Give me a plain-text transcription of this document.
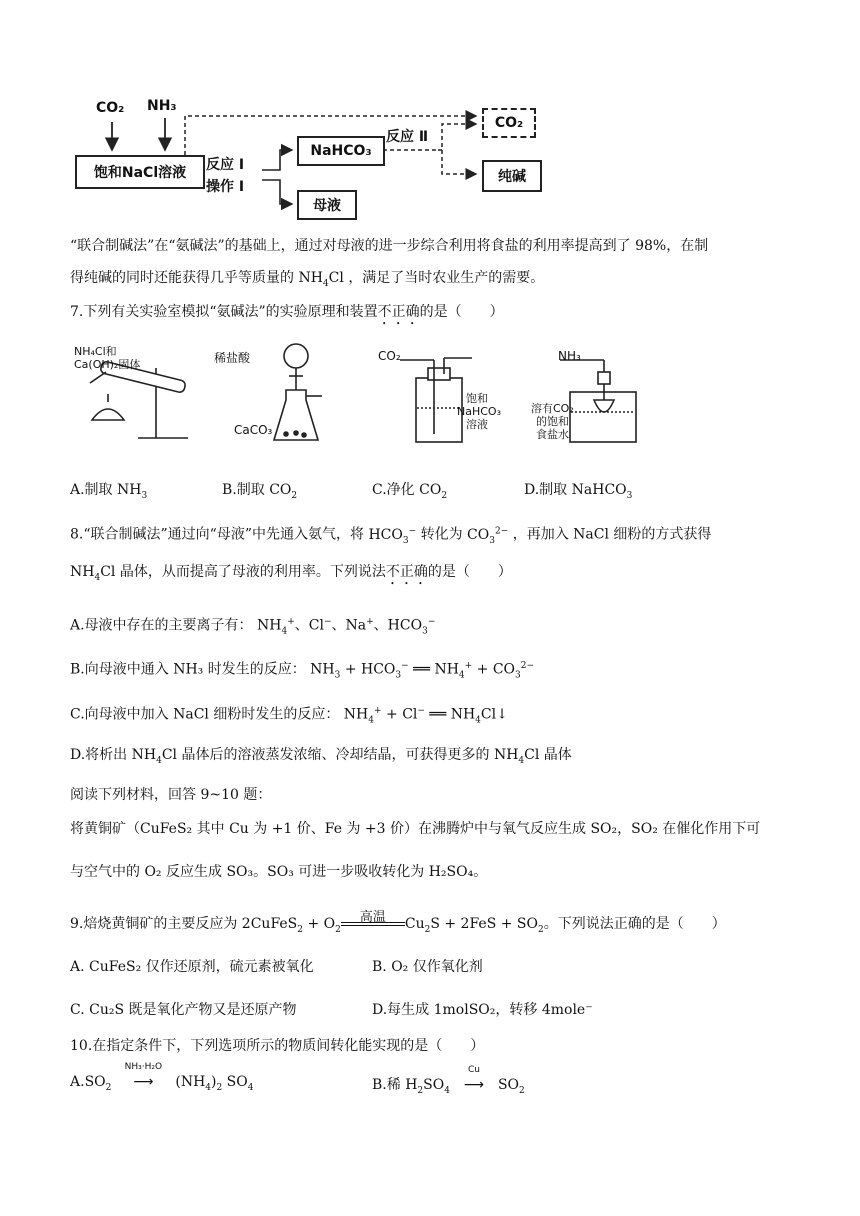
CO₂ NH₃
饱和NaCl溶液 反应 Ⅰ
操作 Ⅰ
NaHCO₃
母液
反应 Ⅱ
CO₂
纯碱
“联合制碱法”在“氨碱法”的基础上，通过对母液的进一步综合利用将食盐的利用率提高到了 98%，在制
得纯碱的同时还能获得几乎等质量的 $NH_4Cl$ ，满足了当时农业生产的需要。
7.下列有关实验室模拟“氨碱法”的实验原理和装置不正确的是（　　）
NH₄Cl和
Ca(OH)₂固体	稀盐酸
CaCO₃
CO₂
饱和
NaHCO₃
溶液
NH₃
溶有CO₂
的饱和
食盐水
A.制取 $NH_3$	B.制取 $CO_2$	C.净化 $CO_2$	D.制取 NaHCO$_3$
8.“联合制碱法”通过向“母液”中先通入氨气，将 $HCO_3^-$ 转化为 $CO_3^{2-}$ ，再加入 NaCl 细粉的方式获得
$NH_4Cl$ 晶体，从而提高了母液的利用率。下列说法不正确的是（　　）
A.母液中存在的主要离子有： $NH_4^+$、Cl−、Na+、$HCO_3^-$
B.向母液中通入 NH₃ 时发生的反应： $NH_3 + HCO_3^-$ ══ $NH_4^+ + CO_3^{2-}$
C.向母液中加入 NaCl 细粉时发生的反应： $NH_4^+ + Cl^-$ ══ $NH_4Cl↓$
D.将析出 $NH_4Cl$ 晶体后的溶液蒸发浓缩、冷却结晶，可获得更多的 $NH_4Cl$ 晶体
阅读下列材料，回答 9~10 题：
将黄铜矿（CuFeS₂ 其中 Cu 为 +1 价、Fe 为 +3 价）在沸腾炉中与氧气反应生成 SO₂，SO₂ 在催化作用下可
与空气中的 O₂ 反应生成 SO₃。SO₃ 可进一步吸收转化为 H₂SO₄。
9.焙烧黄铜矿的主要反应为 2CuFeS$_2$ + $O_2$
高温	$Cu_2S + 2FeS + SO_2$。下列说法正确的是（　　）
A. CuFeS₂ 仅作还原剂，硫元素被氧化	B. O₂ 仅作氧化剂
C. Cu₂S 既是氧化产物又是还原产物	D.每生成 1molSO₂，转移 4mole⁻
10.在指定条件下，下列选项所示的物质间转化能实现的是（　　）
$A.SO_2$
NH₃·H₂O
⟶ $(NH_4)_2$ $SO_4$	B.稀 $H_2SO_4$
Cu
⟶ $SO_2$
